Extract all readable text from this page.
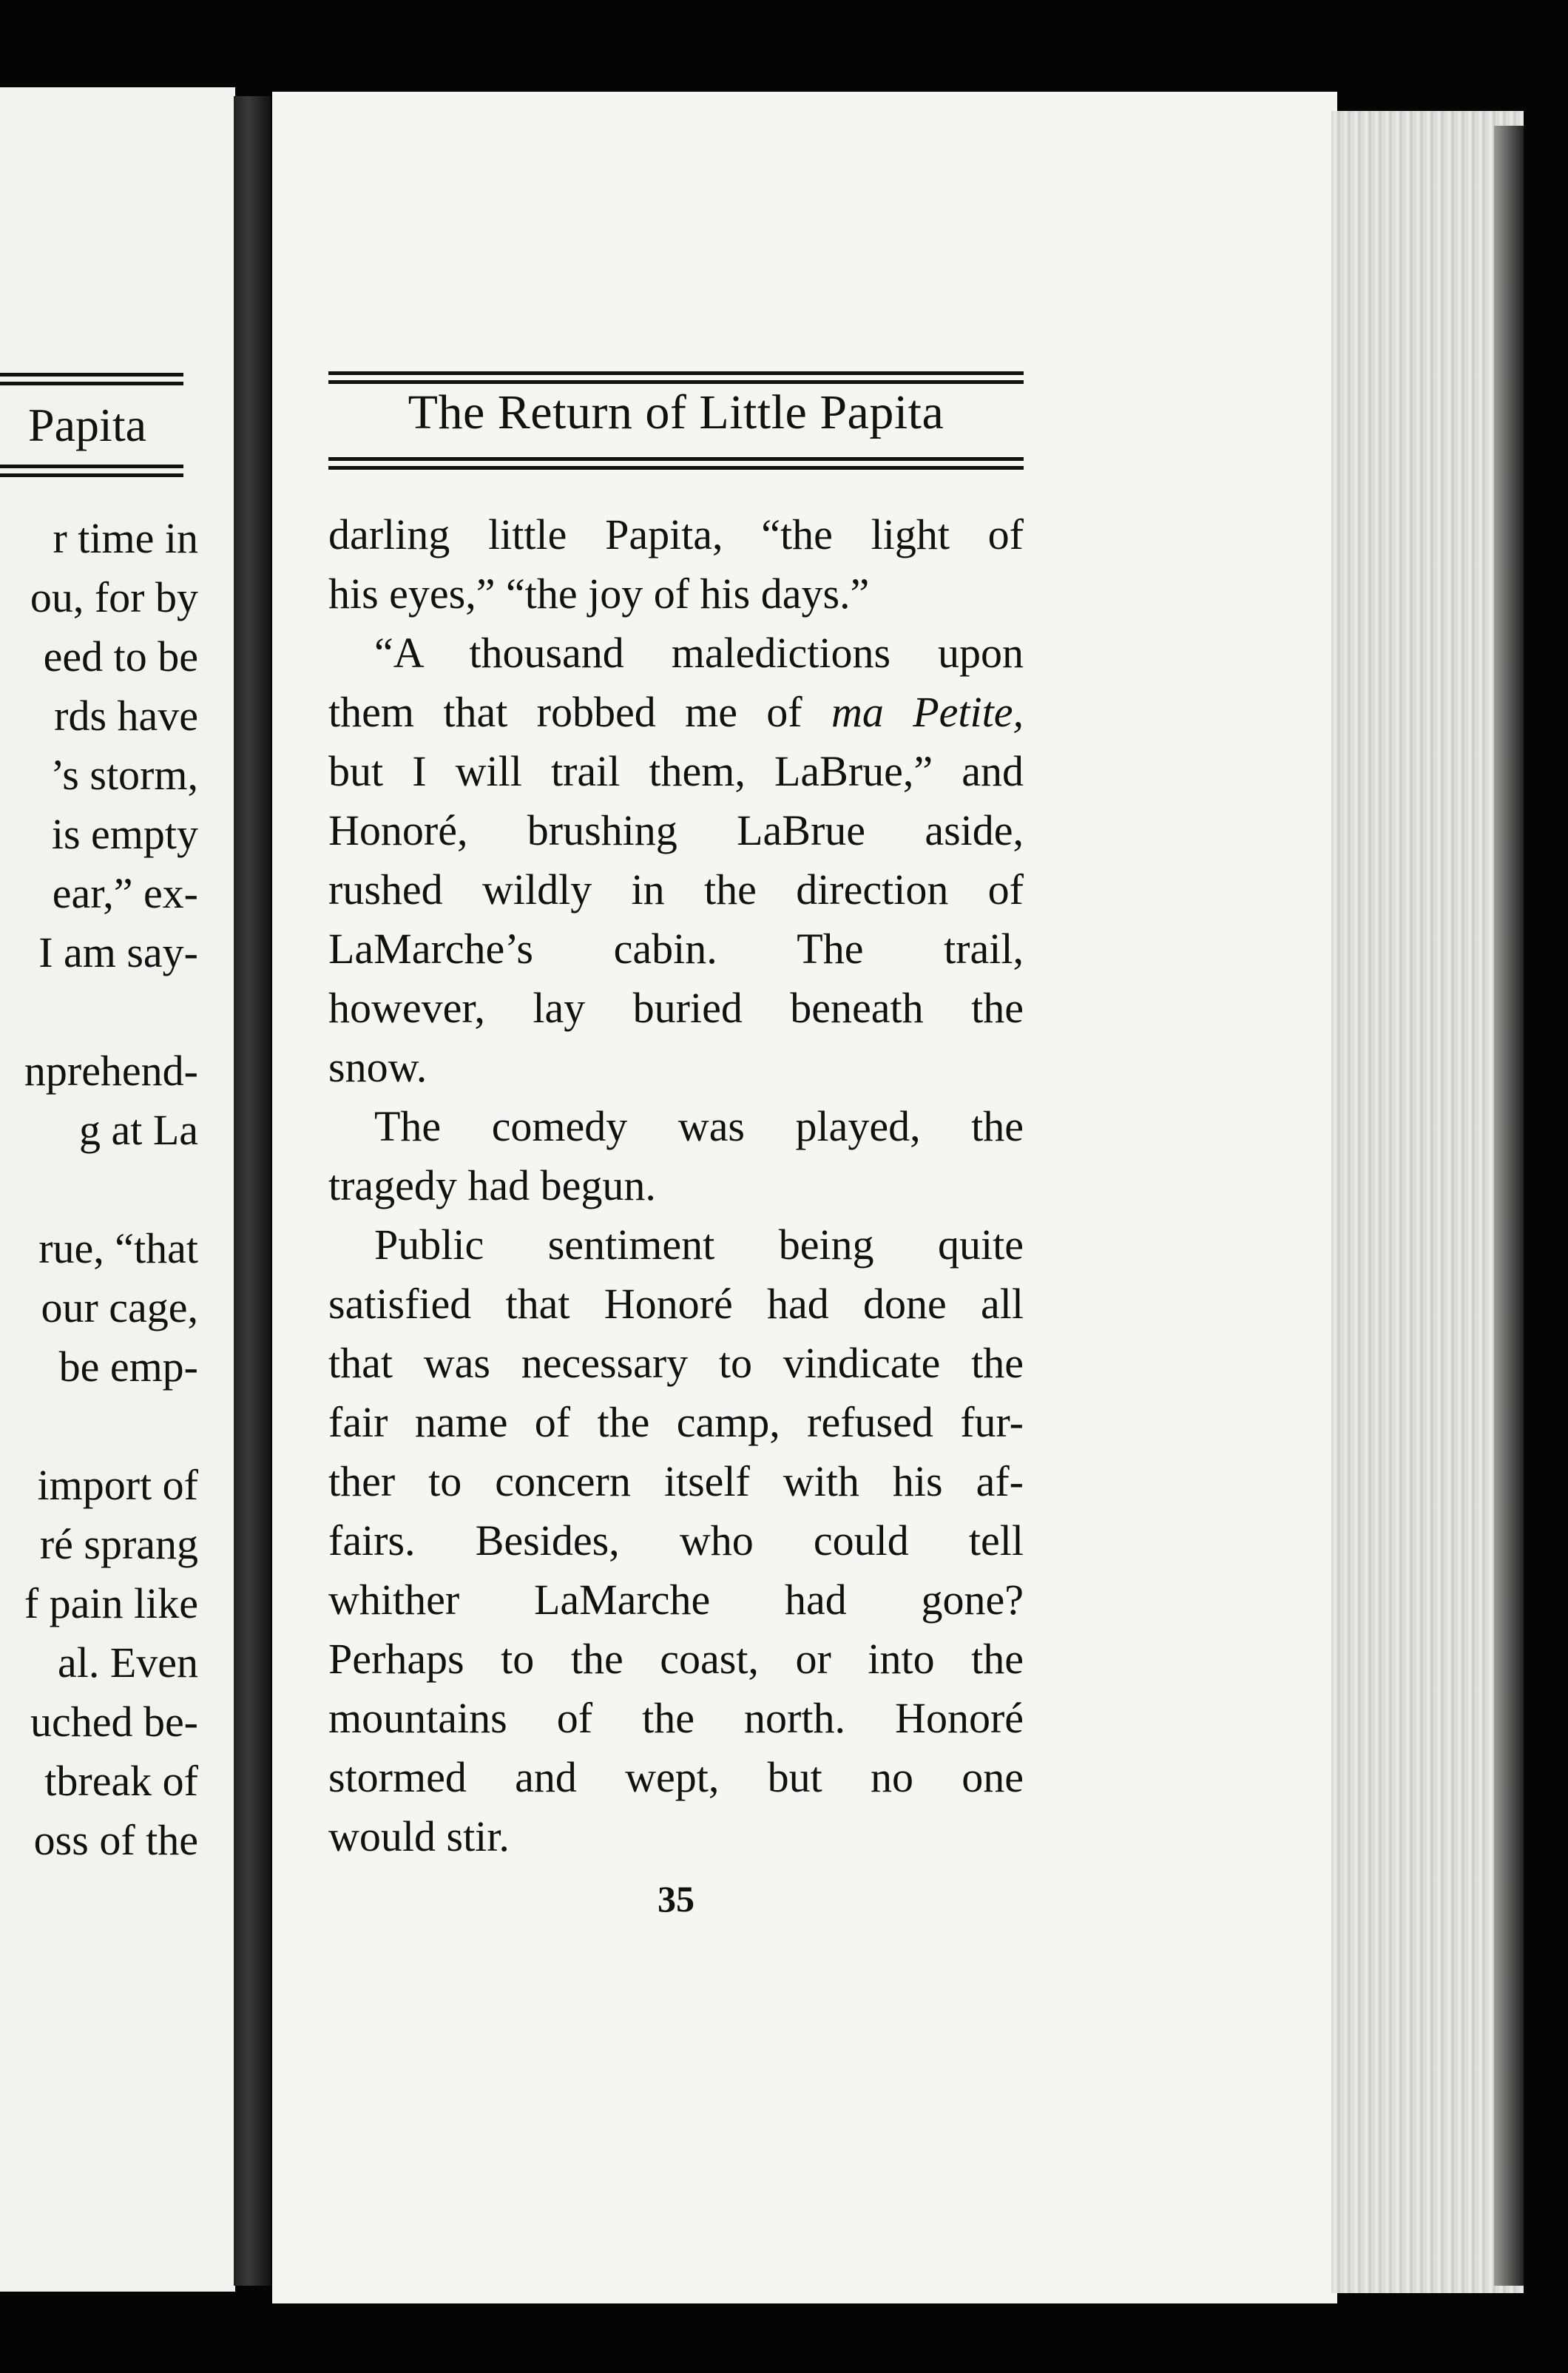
Papita
r time in
ou, for by
eed to be
rds have
’s storm,
is empty
ear,” ex-
I am say-
nprehend-
g at La
rue, “that
our cage,
be emp-
import of
ré sprang
f pain like
al. Even
uched be-
tbreak of
oss of the
The Return of Little Papita
darling little Papita, “the light of
his eyes,” “the joy of his days.”
“A thousand maledictions upon
them that robbed me of ma Petite,
but I will trail them, LaBrue,” and
Honoré, brushing LaBrue aside,
rushed wildly in the direction of
LaMarche’s cabin. The trail,
however, lay buried beneath the
snow.
The comedy was played, the
tragedy had begun.
Public sentiment being quite
satisfied that Honoré had done all
that was necessary to vindicate the
fair name of the camp, refused fur-
ther to concern itself with his af-
fairs. Besides, who could tell
whither LaMarche had gone?
Perhaps to the coast, or into the
mountains of the north. Honoré
stormed and wept, but no one
would stir.
35
